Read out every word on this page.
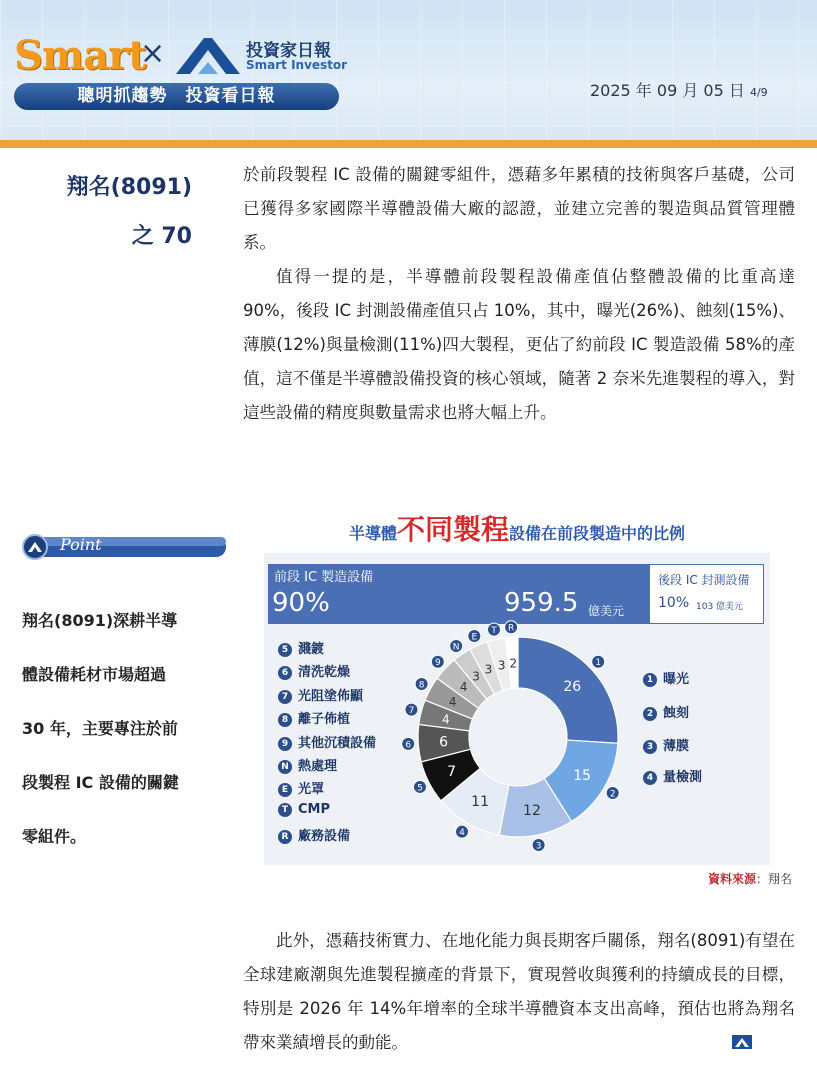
Smart
×	投資家日報
Smart Investor
聰明抓趨勢　投資看日報	2025 年 09 月 05 日 4/9
翔名(8091)
之 70
於前段製程 IC 設備的關鍵零組件，憑藉多年累積的技術與客戶基礎，公司已獲得多家國際半導體設備大廠的認證，並建立完善的製造與品質管理體系。
值得一提的是，半導體前段製程設備產值佔整體設備的比重高達 90%，後段 IC 封測設備產值只占 10%，其中，曝光(26%)、蝕刻(15%)、薄膜(12%)與量檢測(11%)四大製程，更佔了約前段 IC 製造設備 58%的產值，這不僅是半導體設備投資的核心領域，隨著 2 奈米先進製程的導入，對這些設備的精度與數量需求也將大幅上升。
Point
翔名(8091)深耕半導
體設備耗材市場超過
30 年，主要專注於前
段製程 IC 設備的關鍵
零組件。
半導體不同製程設備在前段製造中的比例
前段 IC 製造設備
90%	959.5 億美元
後段 IC 封測設備
10% 103 億美元
26
1
15
2
12
3
11
4
7
5
6
6
4
7
4
8	4
9
3
N
3
E
3
T
2
R
1 曝光
2 蝕刻
3 薄膜
4 量檢測
5 濺鍍
6 清洗乾燥
7 光阻塗佈顯
8 離子佈植
9 其他沉積設備
N 熱處理
E 光罩
T CMP
R 廠務設備
資料來源：翔名
此外，憑藉技術實力、在地化能力與長期客戶關係，翔名(8091)有望在全球建廠潮與先進製程擴產的背景下，實現營收與獲利的持續成長的目標，特別是 2026 年 14%年增率的全球半導體資本支出高峰，預估也將為翔名帶來業績增長的動能。
